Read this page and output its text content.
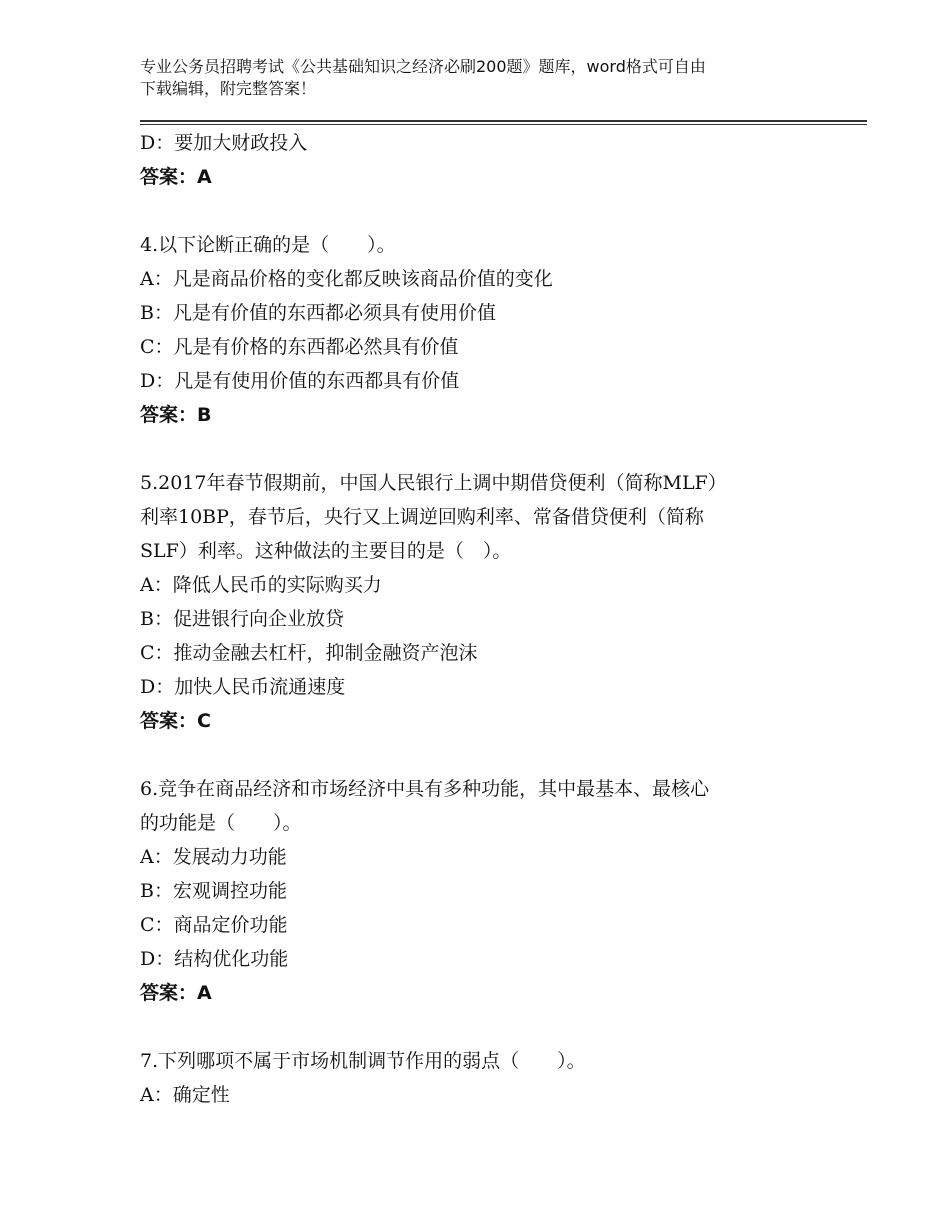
专业公务员招聘考试《公共基础知识之经济必刷200题》题库，word格式可自由
下载编辑，附完整答案！
D：要加大财政投入
答案：A
4.以下论断正确的是（　　）。
A：凡是商品价格的变化都反映该商品价值的变化
B：凡是有价值的东西都必须具有使用价值
C：凡是有价格的东西都必然具有价值
D：凡是有使用价值的东西都具有价值
答案：B
5.2017年春节假期前，中国人民银行上调中期借贷便利（简称MLF）
利率10BP，春节后，央行又上调逆回购利率、常备借贷便利（简称
SLF）利率。这种做法的主要目的是（　）。
A：降低人民币的实际购买力
B：促进银行向企业放贷
C：推动金融去杠杆，抑制金融资产泡沫
D：加快人民币流通速度
答案：C
6.竞争在商品经济和市场经济中具有多种功能，其中最基本、最核心
的功能是（　　）。
A：发展动力功能
B：宏观调控功能
C：商品定价功能
D：结构优化功能
答案：A
7.下列哪项不属于市场机制调节作用的弱点（　　）。
A：确定性
